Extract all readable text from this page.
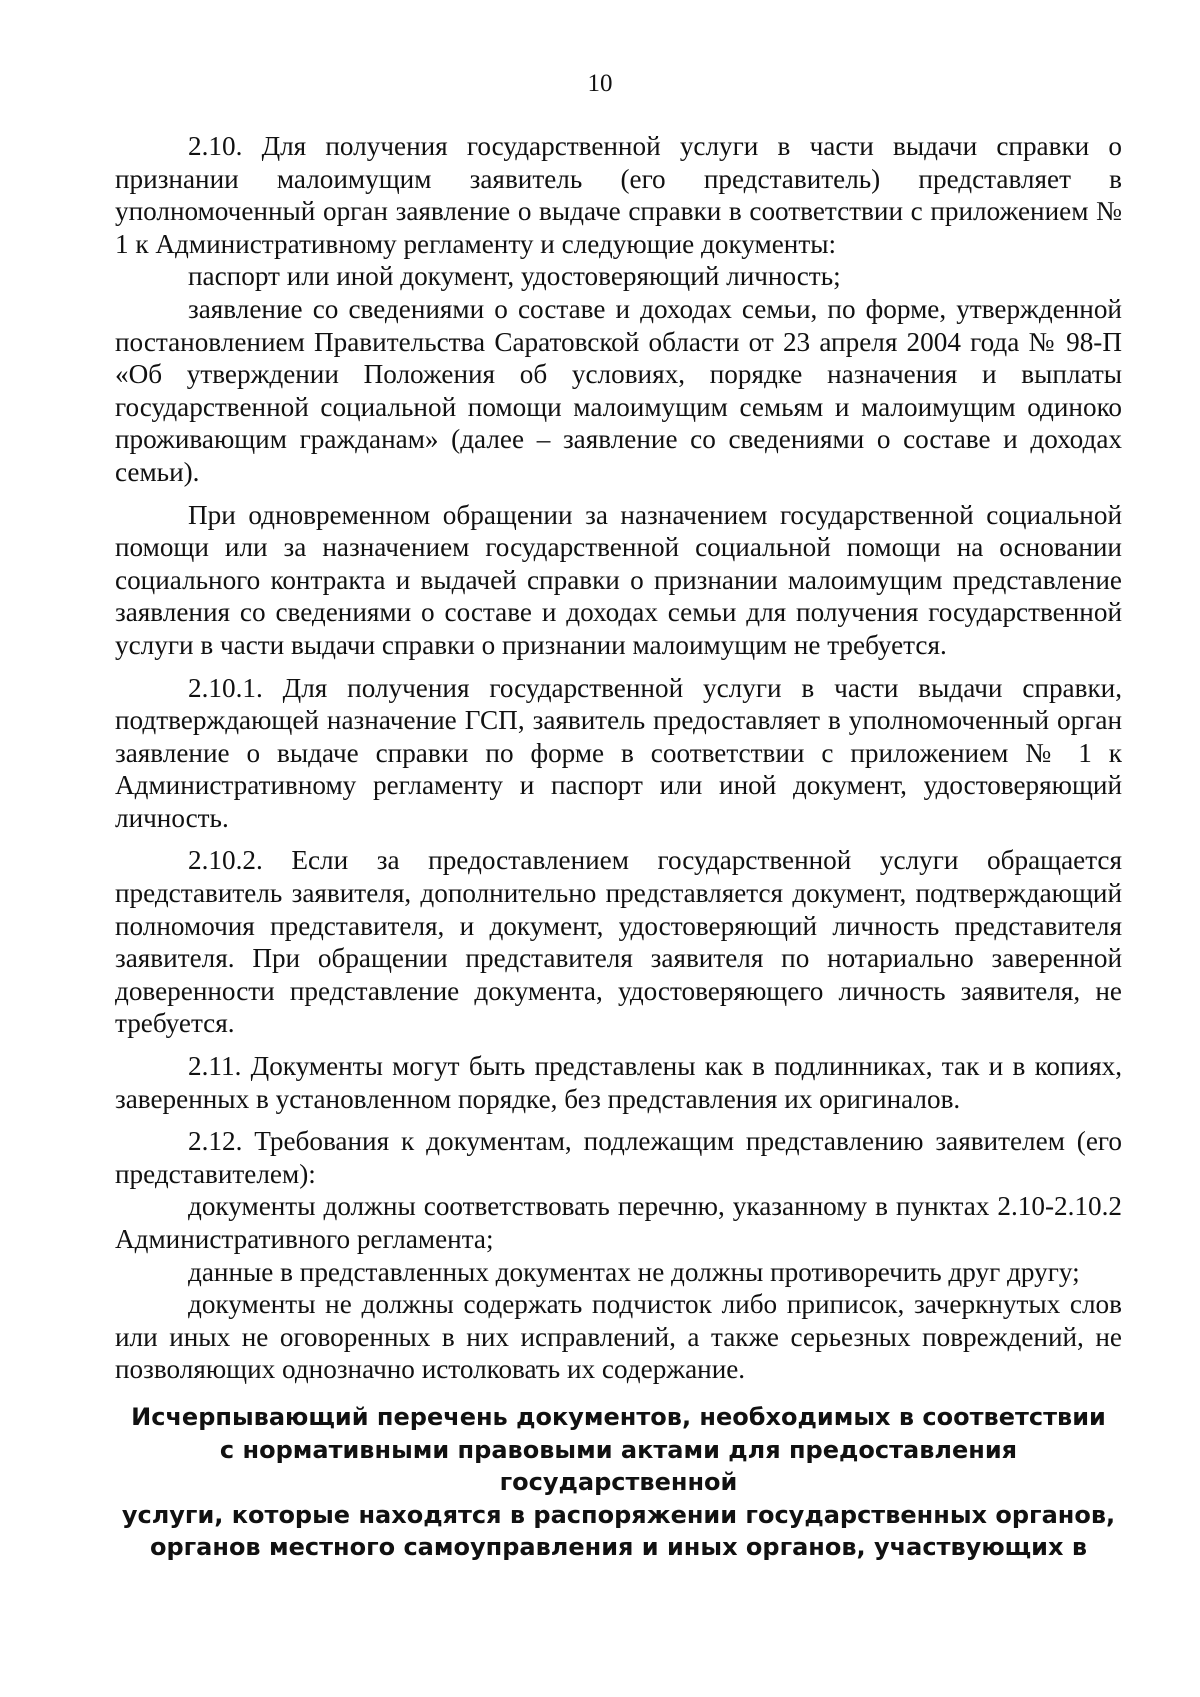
10

2.10. Для получения государственной услуги в части выдачи справки о признании малоимущим заявитель (его представитель) представляет в уполномоченный орган заявление о выдаче справки в соответствии с приложением № 1 к Административному регламенту и следующие документы:

паспорт или иной документ, удостоверяющий личность;

заявление со сведениями о составе и доходах семьи, по форме, утвержденной постановлением Правительства Саратовской области от 23 апреля 2004 года № 98-П «Об утверждении Положения об условиях, порядке назначения и выплаты государственной социальной помощи малоимущим семьям и малоимущим одиноко проживающим гражданам» (далее – заявление со сведениями о составе и доходах семьи).

При одновременном обращении за назначением государственной социальной помощи или за назначением государственной социальной помощи на основании социального контракта и выдачей справки о признании малоимущим представление заявления со сведениями о составе и доходах семьи для получения государственной услуги в части выдачи справки о признании малоимущим не требуется.

2.10.1. Для получения государственной услуги в части выдачи справки, подтверждающей назначение ГСП, заявитель предоставляет в уполномоченный орган заявление о выдаче справки по форме в соответствии с приложением № 1 к Административному регламенту и паспорт или иной документ, удостоверяющий личность.

2.10.2. Если за предоставлением государственной услуги обращается представитель заявителя, дополнительно представляется документ, подтверждающий полномочия представителя, и документ, удостоверяющий личность представителя заявителя. При обращении представителя заявителя по нотариально заверенной доверенности представление документа, удостоверяющего личность заявителя, не требуется.

2.11. Документы могут быть представлены как в подлинниках, так и в копиях, заверенных в установленном порядке, без представления их оригиналов.

2.12. Требования к документам, подлежащим представлению заявителем (его представителем):

документы должны соответствовать перечню, указанному в пунктах 2.10-2.10.2 Административного регламента;

данные в представленных документах не должны противоречить друг другу;

документы не должны содержать подчисток либо приписок, зачеркнутых слов или иных не оговоренных в них исправлений, а также серьезных повреждений, не позволяющих однозначно истолковать их содержание.

Исчерпывающий перечень документов, необходимых в соответствии
с нормативными правовыми актами для предоставления государственной
услуги, которые находятся в распоряжении государственных органов,
органов местного самоуправления и иных органов, участвующих в
